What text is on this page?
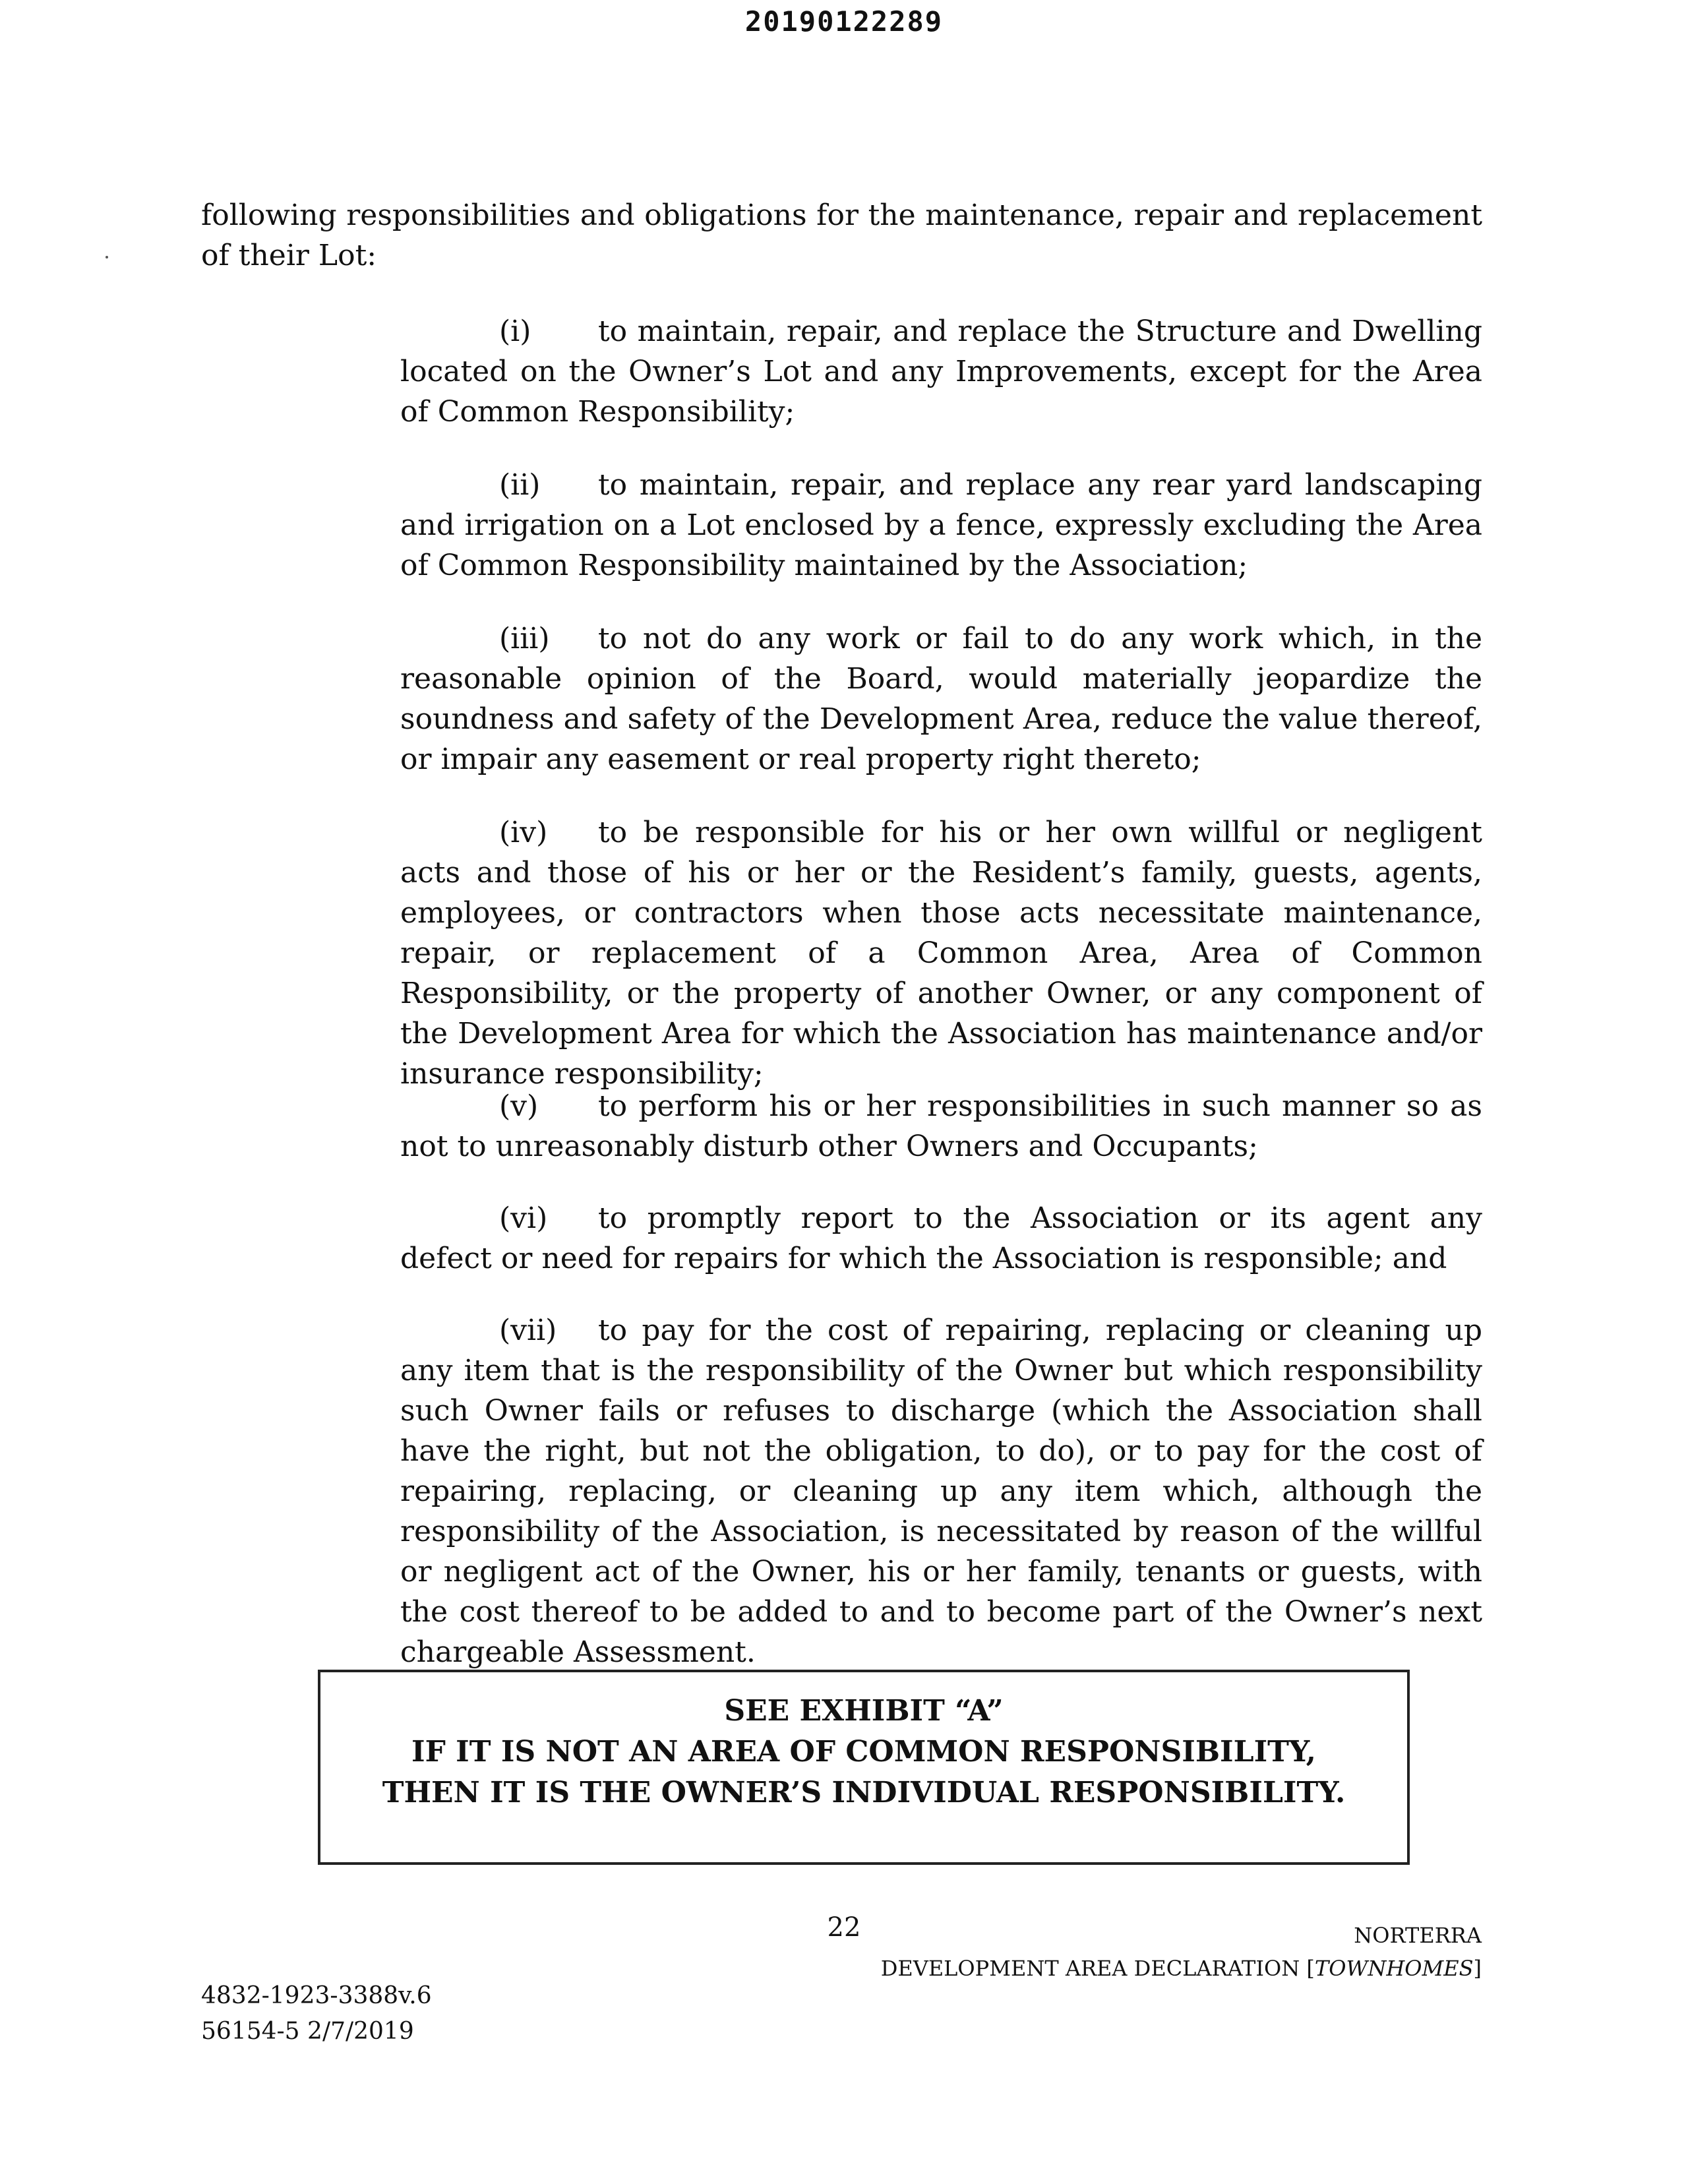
20190122289

following responsibilities and obligations for the maintenance, repair and replacement of their Lot:

(i) to maintain, repair, and replace the Structure and Dwelling located on the Owner’s Lot and any Improvements, except for the Area of Common Responsibility;

(ii) to maintain, repair, and replace any rear yard landscaping and irrigation on a Lot enclosed by a fence, expressly excluding the Area of Common Responsibility maintained by the Association;

(iii) to not do any work or fail to do any work which, in the reasonable opinion of the Board, would materially jeopardize the soundness and safety of the Development Area, reduce the value thereof, or impair any easement or real property right thereto;

(iv) to be responsible for his or her own willful or negligent acts and those of his or her or the Resident’s family, guests, agents, employees, or contractors when those acts necessitate maintenance, repair, or replacement of a Common Area, Area of Common Responsibility, or the property of another Owner, or any component of the Development Area for which the Association has maintenance and/or insurance responsibility;

(v) to perform his or her responsibilities in such manner so as not to unreasonably disturb other Owners and Occupants;

(vi) to promptly report to the Association or its agent any defect or need for repairs for which the Association is responsible; and

(vii) to pay for the cost of repairing, replacing or cleaning up any item that is the responsibility of the Owner but which responsibility such Owner fails or refuses to discharge (which the Association shall have the right, but not the obligation, to do), or to pay for the cost of repairing, replacing, or cleaning up any item which, although the responsibility of the Association, is necessitated by reason of the willful or negligent act of the Owner, his or her family, tenants or guests, with the cost thereof to be added to and to become part of the Owner’s next chargeable Assessment.

SEE EXHIBIT “A”
IF IT IS NOT AN AREA OF COMMON RESPONSIBILITY,
THEN IT IS THE OWNER’S INDIVIDUAL RESPONSIBILITY.
22	NORTERRA
DEVELOPMENT AREA DECLARATION [TOWNHOMES]
4832-1923-3388v.6
56154-5 2/7/2019
